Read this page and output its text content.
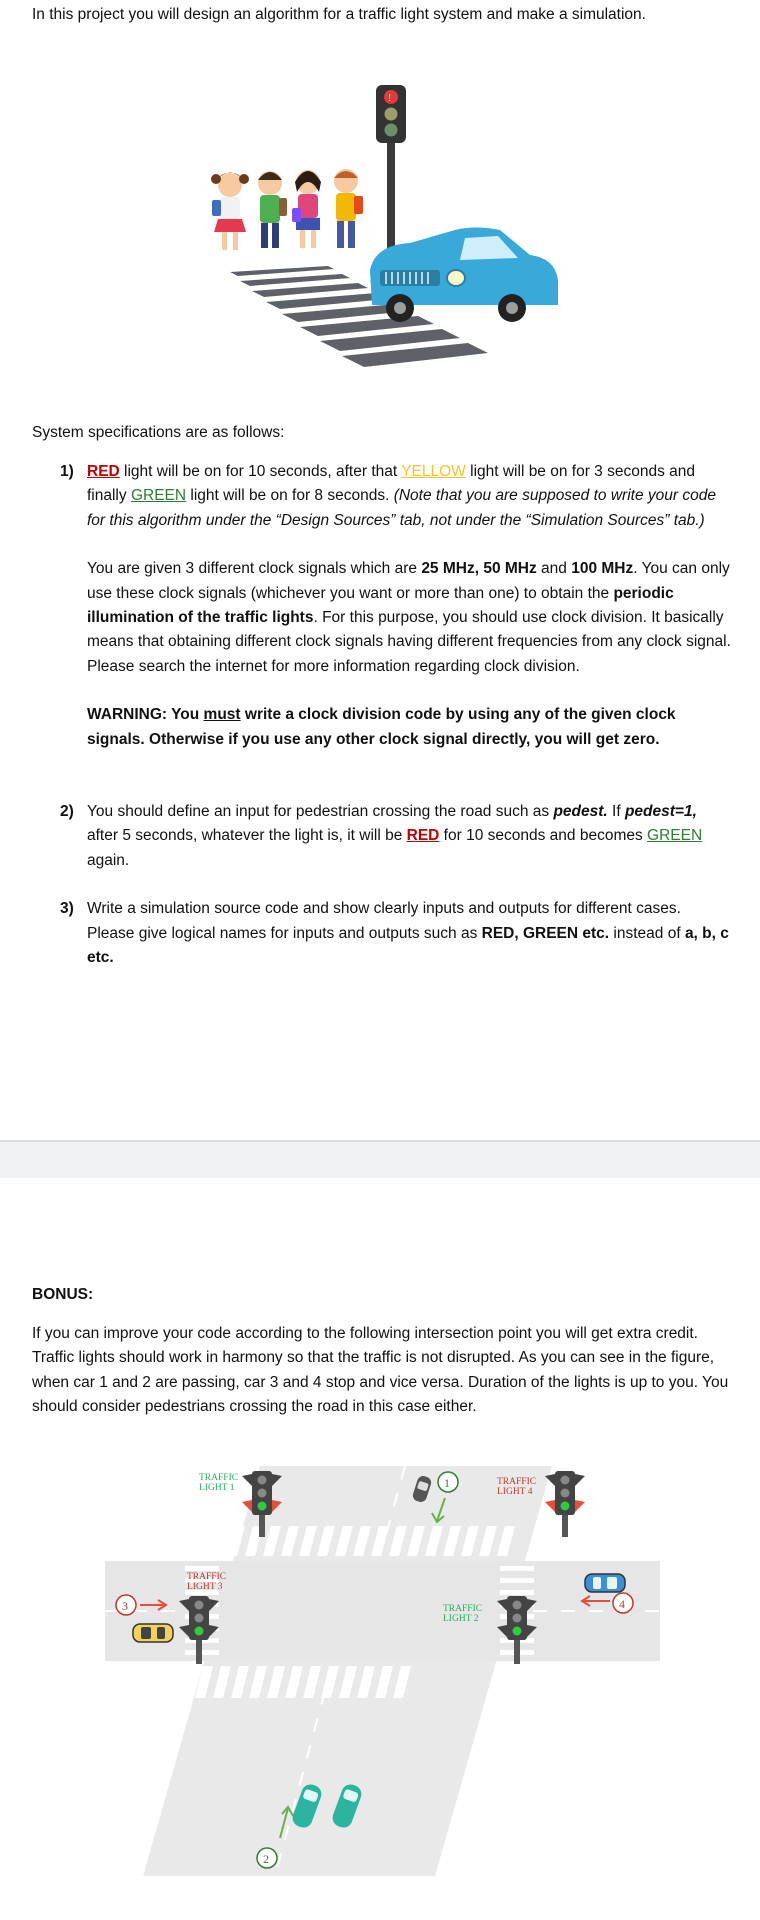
In this project you will design an algorithm for a traffic light system and make a simulation.
!
System specifications are as follows:
1) RED light will be on for 10 seconds, after that YELLOW light will be on for 3 seconds and finally GREEN light will be on for 8 seconds. (Note that you are supposed to write your code for this algorithm under the “Design Sources” tab, not under the “Simulation Sources” tab.)

You are given 3 different clock signals which are 25 MHz, 50 MHz and 100 MHz. You can only use these clock signals (whichever you want or more than one) to obtain the periodic illumination of the traffic lights. For this purpose, you should use clock division. It basically means that obtaining different clock signals having different frequencies from any clock signal. Please search the internet for more information regarding clock division.

WARNING: You must write a clock division code by using any of the given clock signals. Otherwise if you use any other clock signal directly, you will get zero.

2) You should define an input for pedestrian crossing the road such as pedest. If pedest=1, after 5 seconds, whatever the light is, it will be RED for 10 seconds and becomes GREEN again.

3) Write a simulation source code and show clearly inputs and outputs for different cases. Please give logical names for inputs and outputs such as RED, GREEN etc. instead of a, b, c etc.

BONUS:

If you can improve your code according to the following intersection point you will get extra credit. Traffic lights should work in harmony so that the traffic is not disrupted. As you can see in the figure, when car 1 and 2 are passing, car 3 and 4 stop and vice versa. Duration of the lights is up to you. You should consider pedestrians crossing the road in this case either.

TRAFFIC
LIGHT 1
TRAFFIC
LIGHT 4
TRAFFIC
LIGHT 3
TRAFFIC
LIGHT 2
1
2
3	4
